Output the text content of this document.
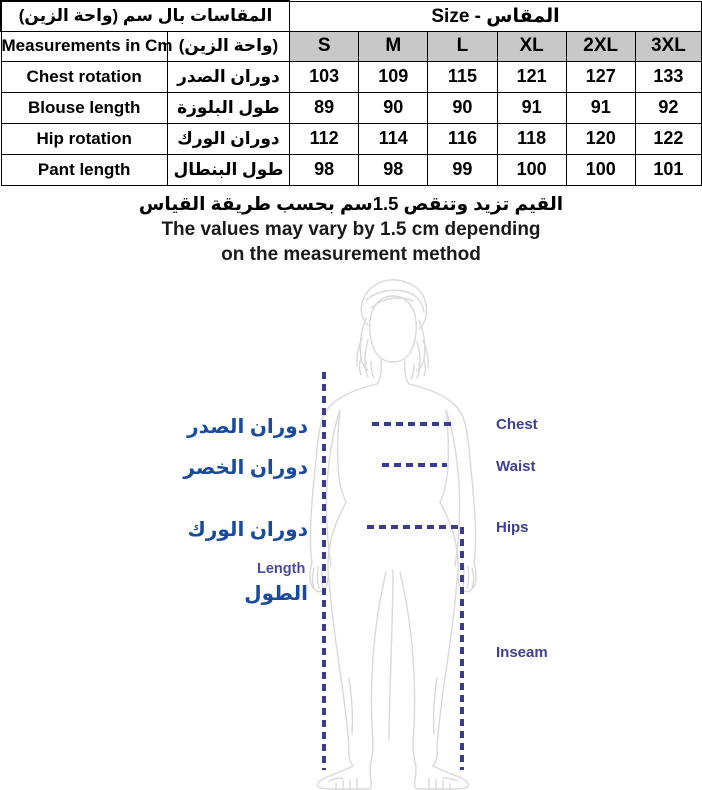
المقاسات بال سم (واحة الزين)		Size - المقاس					
Measurements in Cm	(واحة الزين)	S	M	L	XL	2XL	3XL
Chest rotation	دوران الصدر	103	109	115	121	127	133
Blouse length	طول البلوزة	89	90	90	91	91	92
Hip rotation	دوران الورك	112	114	116	118	120	122
Pant length	طول البنطال	98	98	99	100	100	101
القيم تزيد وتنقص 1.5سم بحسب طريقة القياس
The values may vary by 1.5 cm depending
on the measurement method
دوران الصدر
دوران الخصر
دوران الورك
Length
الطول
Chest
Waist
Hips
Inseam
